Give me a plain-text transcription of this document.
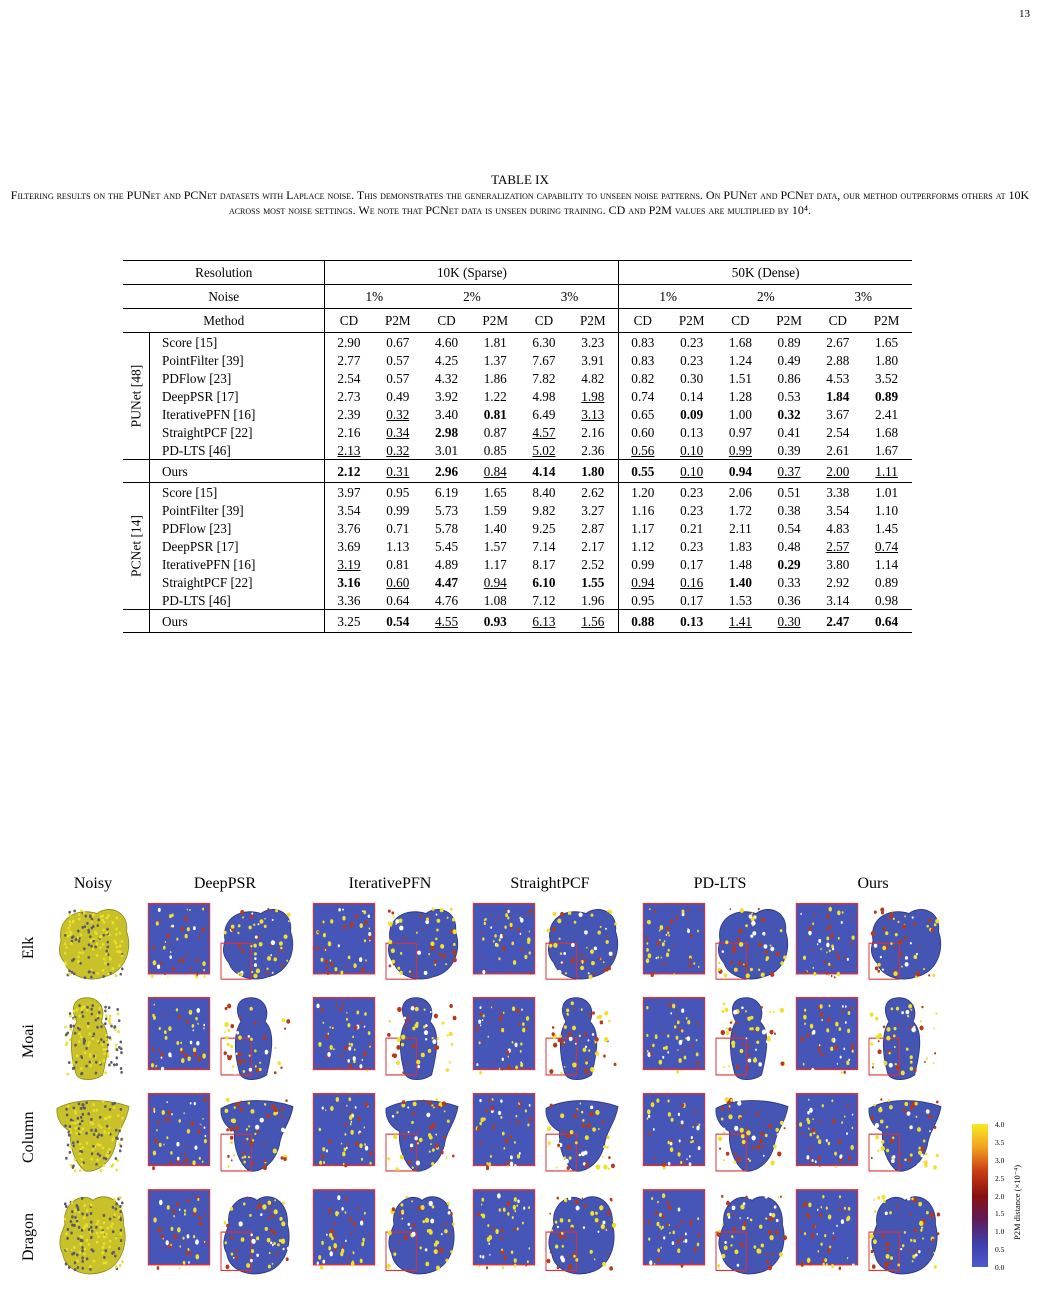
13
TABLE IX
Filtering results on the PUNet and PCNet datasets with Laplace noise. This demonstrates the generalization capability to unseen noise patterns. On PUNet and PCNet data, our method outperforms others at 10K across most noise settings. We note that PCNet data is unseen during training. CD and P2M values are multiplied by 10⁴.
Resolution		10K (Sparse)						50K (Dense)					
Noise		1%		2%		3%		1%		2%		3%	
Method		CD	P2M	CD	P2M	CD	P2M	CD	P2M	CD	P2M	CD	P2M

PUNet [48]	Score [15]	2.90	0.67	4.60	1.81	6.30	3.23	0.83	0.23	1.68	0.89	2.67	1.65
	PointFilter [39]	2.77	0.57	4.25	1.37	7.67	3.91	0.83	0.23	1.24	0.49	2.88	1.80
	PDFlow [23]	2.54	0.57	4.32	1.86	7.82	4.82	0.82	0.30	1.51	0.86	4.53	3.52
	DeepPSR [17]	2.73	0.49	3.92	1.22	4.98	1.98	0.74	0.14	1.28	0.53	1.84	0.89
	IterativePFN [16]	2.39	0.32	3.40	0.81	6.49	3.13	0.65	0.09	1.00	0.32	3.67	2.41
	StraightPCF [22]	2.16	0.34	2.98	0.87	4.57	2.16	0.60	0.13	0.97	0.41	2.54	1.68
	PD-LTS [46]	2.13	0.32	3.01	0.85	5.02	2.36	0.56	0.10	0.99	0.39	2.61	1.67
	Ours	2.12	0.31	2.96	0.84	4.14	1.80	0.55	0.10	0.94	0.37	2.00	1.11

PCNet [14]	Score [15]	3.97	0.95	6.19	1.65	8.40	2.62	1.20	0.23	2.06	0.51	3.38	1.01
	PointFilter [39]	3.54	0.99	5.73	1.59	9.82	3.27	1.16	0.23	1.72	0.38	3.54	1.10
	PDFlow [23]	3.76	0.71	5.78	1.40	9.25	2.87	1.17	0.21	2.11	0.54	4.83	1.45
	DeepPSR [17]	3.69	1.13	5.45	1.57	7.14	2.17	1.12	0.23	1.83	0.48	2.57	0.74
	IterativePFN [16]	3.19	0.81	4.89	1.17	8.17	2.52	0.99	0.17	1.48	0.29	3.80	1.14
	StraightPCF [22]	3.16	0.60	4.47	0.94	6.10	1.55	0.94	0.16	1.40	0.33	2.92	0.89
	PD-LTS [46]	3.36	0.64	4.76	1.08	7.12	1.96	0.95	0.17	1.53	0.36	3.14	0.98
	Ours	3.25	0.54	4.55	0.93	6.13	1.56	0.88	0.13	1.41	0.30	2.47	0.64
Noisy	DeepPSR	IterativePFN	StraightPCF	PD-LTS	Ours
Elk
Moai
Column
Dragon
4.0
3.5
3.0
2.5
2.0
1.5
1.0
0.5
0.0
P2M distance (×10⁻⁴)
